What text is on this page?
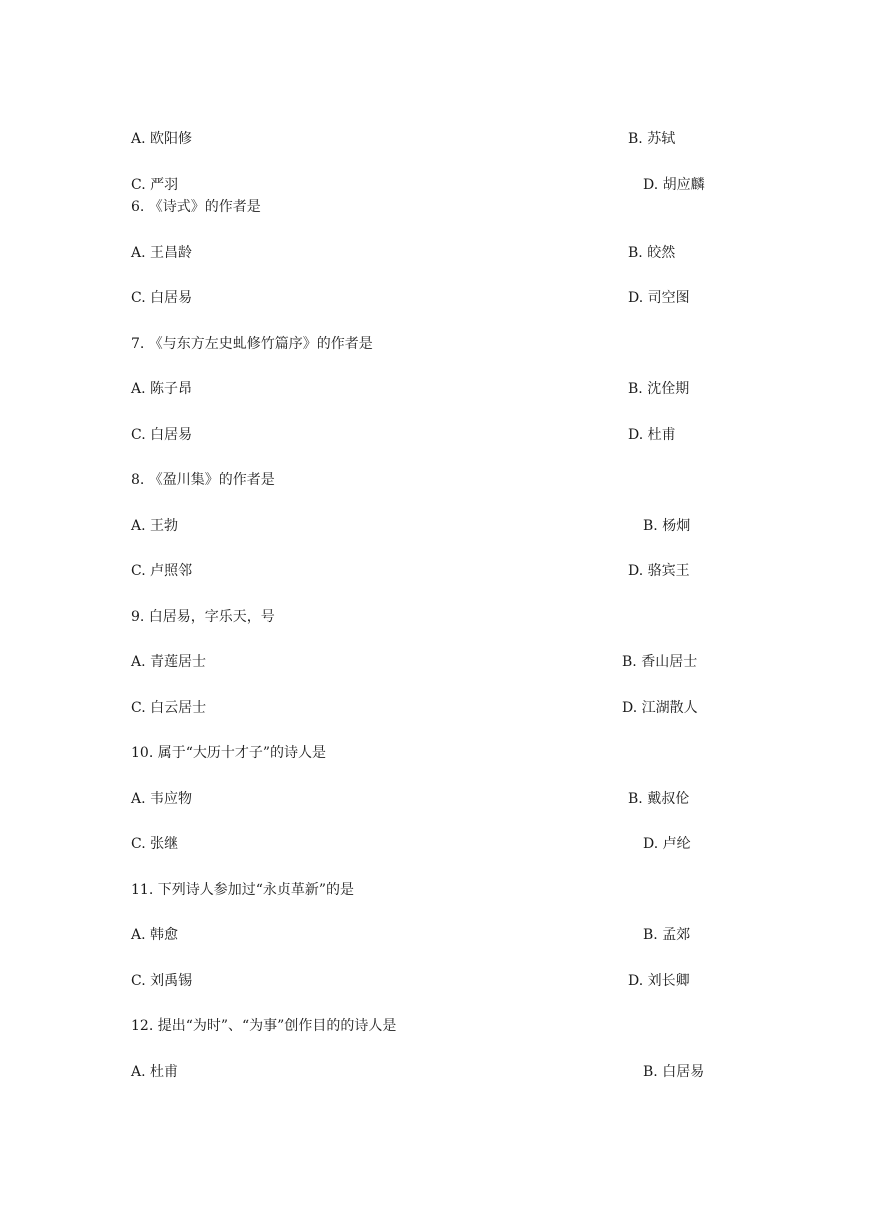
A. 欧阳修	B. 苏轼
C. 严羽	D. 胡应麟
6. 《诗式》的作者是
A. 王昌龄	B. 皎然
C. 白居易	D. 司空图
7. 《与东方左史虬修竹篇序》的作者是
A. 陈子昂	B. 沈佺期
C. 白居易	D. 杜甫
8. 《盈川集》的作者是
A. 王勃	B. 杨炯
C. 卢照邻	D. 骆宾王
9. 白居易，字乐天，号
A. 青莲居士	B. 香山居士
C. 白云居士	D. 江湖散人
10. 属于“大历十才子”的诗人是
A. 韦应物	B. 戴叔伦
C. 张继	D. 卢纶
11. 下列诗人参加过“永贞革新”的是
A. 韩愈	B. 孟郊
C. 刘禹锡	D. 刘长卿
12. 提出“为时”、“为事”创作目的的诗人是
A. 杜甫	B. 白居易
